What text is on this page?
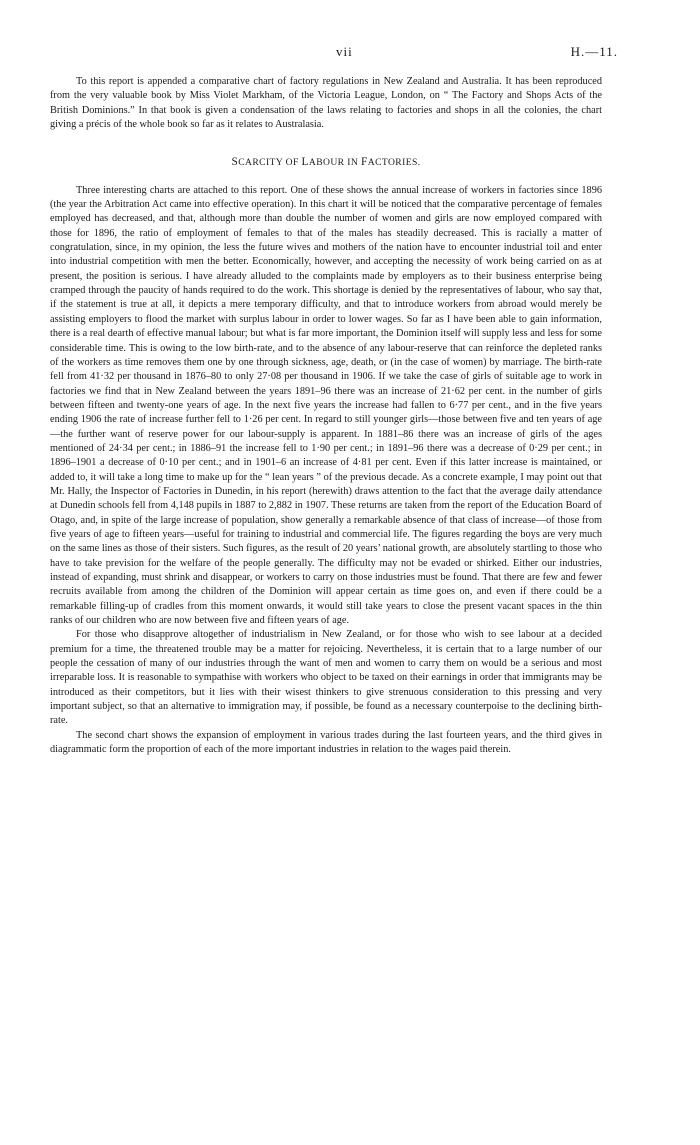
vii	H.—11.

To this report is appended a comparative chart of factory regulations in New Zealand and Australia. It has been reproduced from the very valuable book by Miss Violet Markham, of the Victoria League, London, on “ The Factory and Shops Acts of the British Dominions.” In that book is given a condensation of the laws relating to factories and shops in all the colonies, the chart giving a précis of the whole book so far as it relates to Australasia.

SCARCITY OF LABOUR IN FACTORIES.

Three interesting charts are attached to this report. One of these shows the annual increase of workers in factories since 1896 (the year the Arbitration Act came into effective operation). In this chart it will be noticed that the comparative percentage of females employed has decreased, and that, although more than double the number of women and girls are now employed compared with those for 1896, the ratio of employment of females to that of the males has steadily decreased. This is racially a matter of congratulation, since, in my opinion, the less the future wives and mothers of the nation have to encounter industrial toil and enter into industrial competition with men the better. Economically, however, and accepting the necessity of work being carried on as at present, the position is serious. I have already alluded to the complaints made by employers as to their business enterprise being cramped through the paucity of hands required to do the work. This shortage is denied by the representatives of labour, who say that, if the statement is true at all, it depicts a mere temporary difficulty, and that to introduce workers from abroad would merely be assisting employers to flood the market with surplus labour in order to lower wages. So far as I have been able to gain information, there is a real dearth of effective manual labour; but what is far more important, the Dominion itself will supply less and less for some considerable time. This is owing to the low birth-rate, and to the absence of any labour-reserve that can reinforce the depleted ranks of the workers as time removes them one by one through sickness, age, death, or (in the case of women) by marriage. The birth-rate fell from 41·32 per thousand in 1876–80 to only 27·08 per thousand in 1906. If we take the case of girls of suitable age to work in factories we find that in New Zealand between the years 1891–96 there was an increase of 21·62 per cent. in the number of girls between fifteen and twenty-one years of age. In the next five years the increase had fallen to 6·77 per cent., and in the five years ending 1906 the rate of increase further fell to 1·26 per cent. In regard to still younger girls—those between five and ten years of age—the further want of reserve power for our labour-supply is apparent. In 1881–86 there was an increase of girls of the ages mentioned of 24·34 per cent.; in 1886–91 the increase fell to 1·90 per cent.; in 1891–96 there was a decrease of 0·29 per cent.; in 1896–1901 a decrease of 0·10 per cent.; and in 1901–6 an increase of 4·81 per cent. Even if this latter increase is maintained, or added to, it will take a long time to make up for the “ lean years ” of the previous decade. As a concrete example, I may point out that Mr. Hally, the Inspector of Factories in Dunedin, in his report (herewith) draws attention to the fact that the average daily attendance at Dunedin schools fell from 4,148 pupils in 1887 to 2,882 in 1907. These returns are taken from the report of the Education Board of Otago, and, in spite of the large increase of population, show generally a remarkable absence of that class of increase—of those from five years of age to fifteen years—useful for training to industrial and commercial life. The figures regarding the boys are very much on the same lines as those of their sisters. Such figures, as the result of 20 years’ national growth, are absolutely startling to those who have to take prevision for the welfare of the people generally. The difficulty may not be evaded or shirked. Either our industries, instead of expanding, must shrink and disappear, or workers to carry on those industries must be found. That there are few and fewer recruits available from among the children of the Dominion will appear certain as time goes on, and even if there could be a remarkable filling-up of cradles from this moment onwards, it would still take years to close the present vacant spaces in the thin ranks of our children who are now between five and fifteen years of age.

For those who disapprove altogether of industrialism in New Zealand, or for those who wish to see labour at a decided premium for a time, the threatened trouble may be a matter for rejoicing. Nevertheless, it is certain that to a large number of our people the cessation of many of our industries through the want of men and women to carry them on would be a serious and most irreparable loss. It is reasonable to sympathise with workers who object to be taxed on their earnings in order that immigrants may be introduced as their competitors, but it lies with their wisest thinkers to give strenuous consideration to this pressing and very important subject, so that an alternative to immigration may, if possible, be found as a necessary counterpoise to the declining birth-rate.

The second chart shows the expansion of employment in various trades during the last fourteen years, and the third gives in diagrammatic form the proportion of each of the more important industries in relation to the wages paid therein.
